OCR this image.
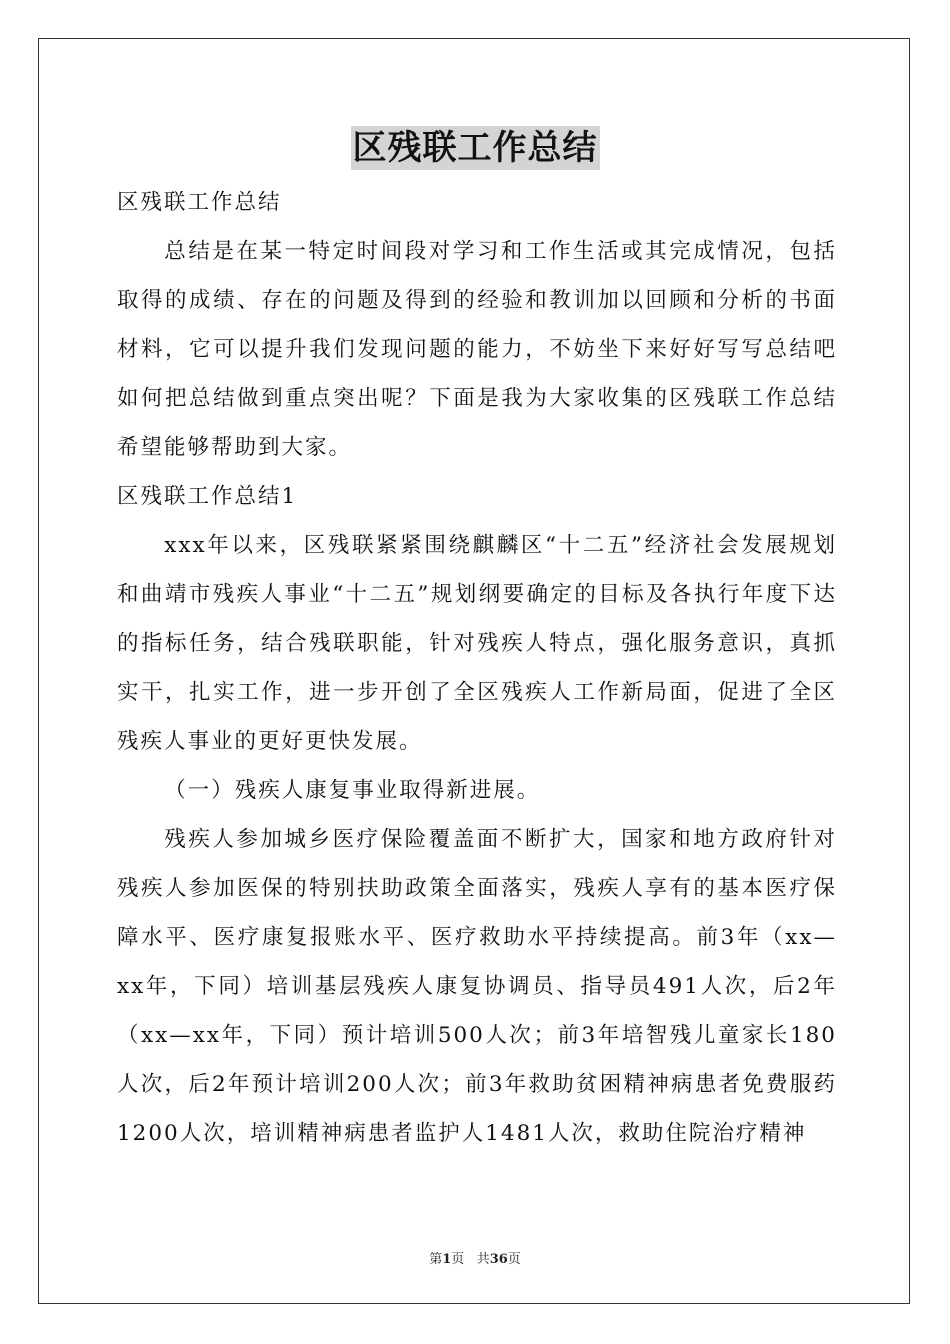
区残联工作总结

区残联工作总结

总结是在某一特定时间段对学习和工作生活或其完成情况，包括取得的成绩、存在的问题及得到的经验和教训加以回顾和分析的书面材料，它可以提升我们发现问题的能力，不妨坐下来好好写写总结吧如何把总结做到重点突出呢？下面是我为大家收集的区残联工作总结希望能够帮助到大家。

区残联工作总结1

xxx年以来，区残联紧紧围绕麒麟区“十二五”经济社会发展规划和曲靖市残疾人事业“十二五”规划纲要确定的目标及各执行年度下达的指标任务，结合残联职能，针对残疾人特点，强化服务意识，真抓实干，扎实工作，进一步开创了全区残疾人工作新局面，促进了全区残疾人事业的更好更快发展。

（一）残疾人康复事业取得新进展。

残疾人参加城乡医疗保险覆盖面不断扩大，国家和地方政府针对残疾人参加医保的特别扶助政策全面落实，残疾人享有的基本医疗保障水平、医疗康复报账水平、医疗救助水平持续提高。前3年（xx—xx年，下同）培训基层残疾人康复协调员、指导员491人次，后2年（xx—xx年，下同）预计培训500人次；前3年培智残儿童家长180人次，后2年预计培训200人次；前3年救助贫困精神病患者免费服药1200人次，培训精神病患者监护人1481人次，救助住院治疗精神

第1页 共36页
